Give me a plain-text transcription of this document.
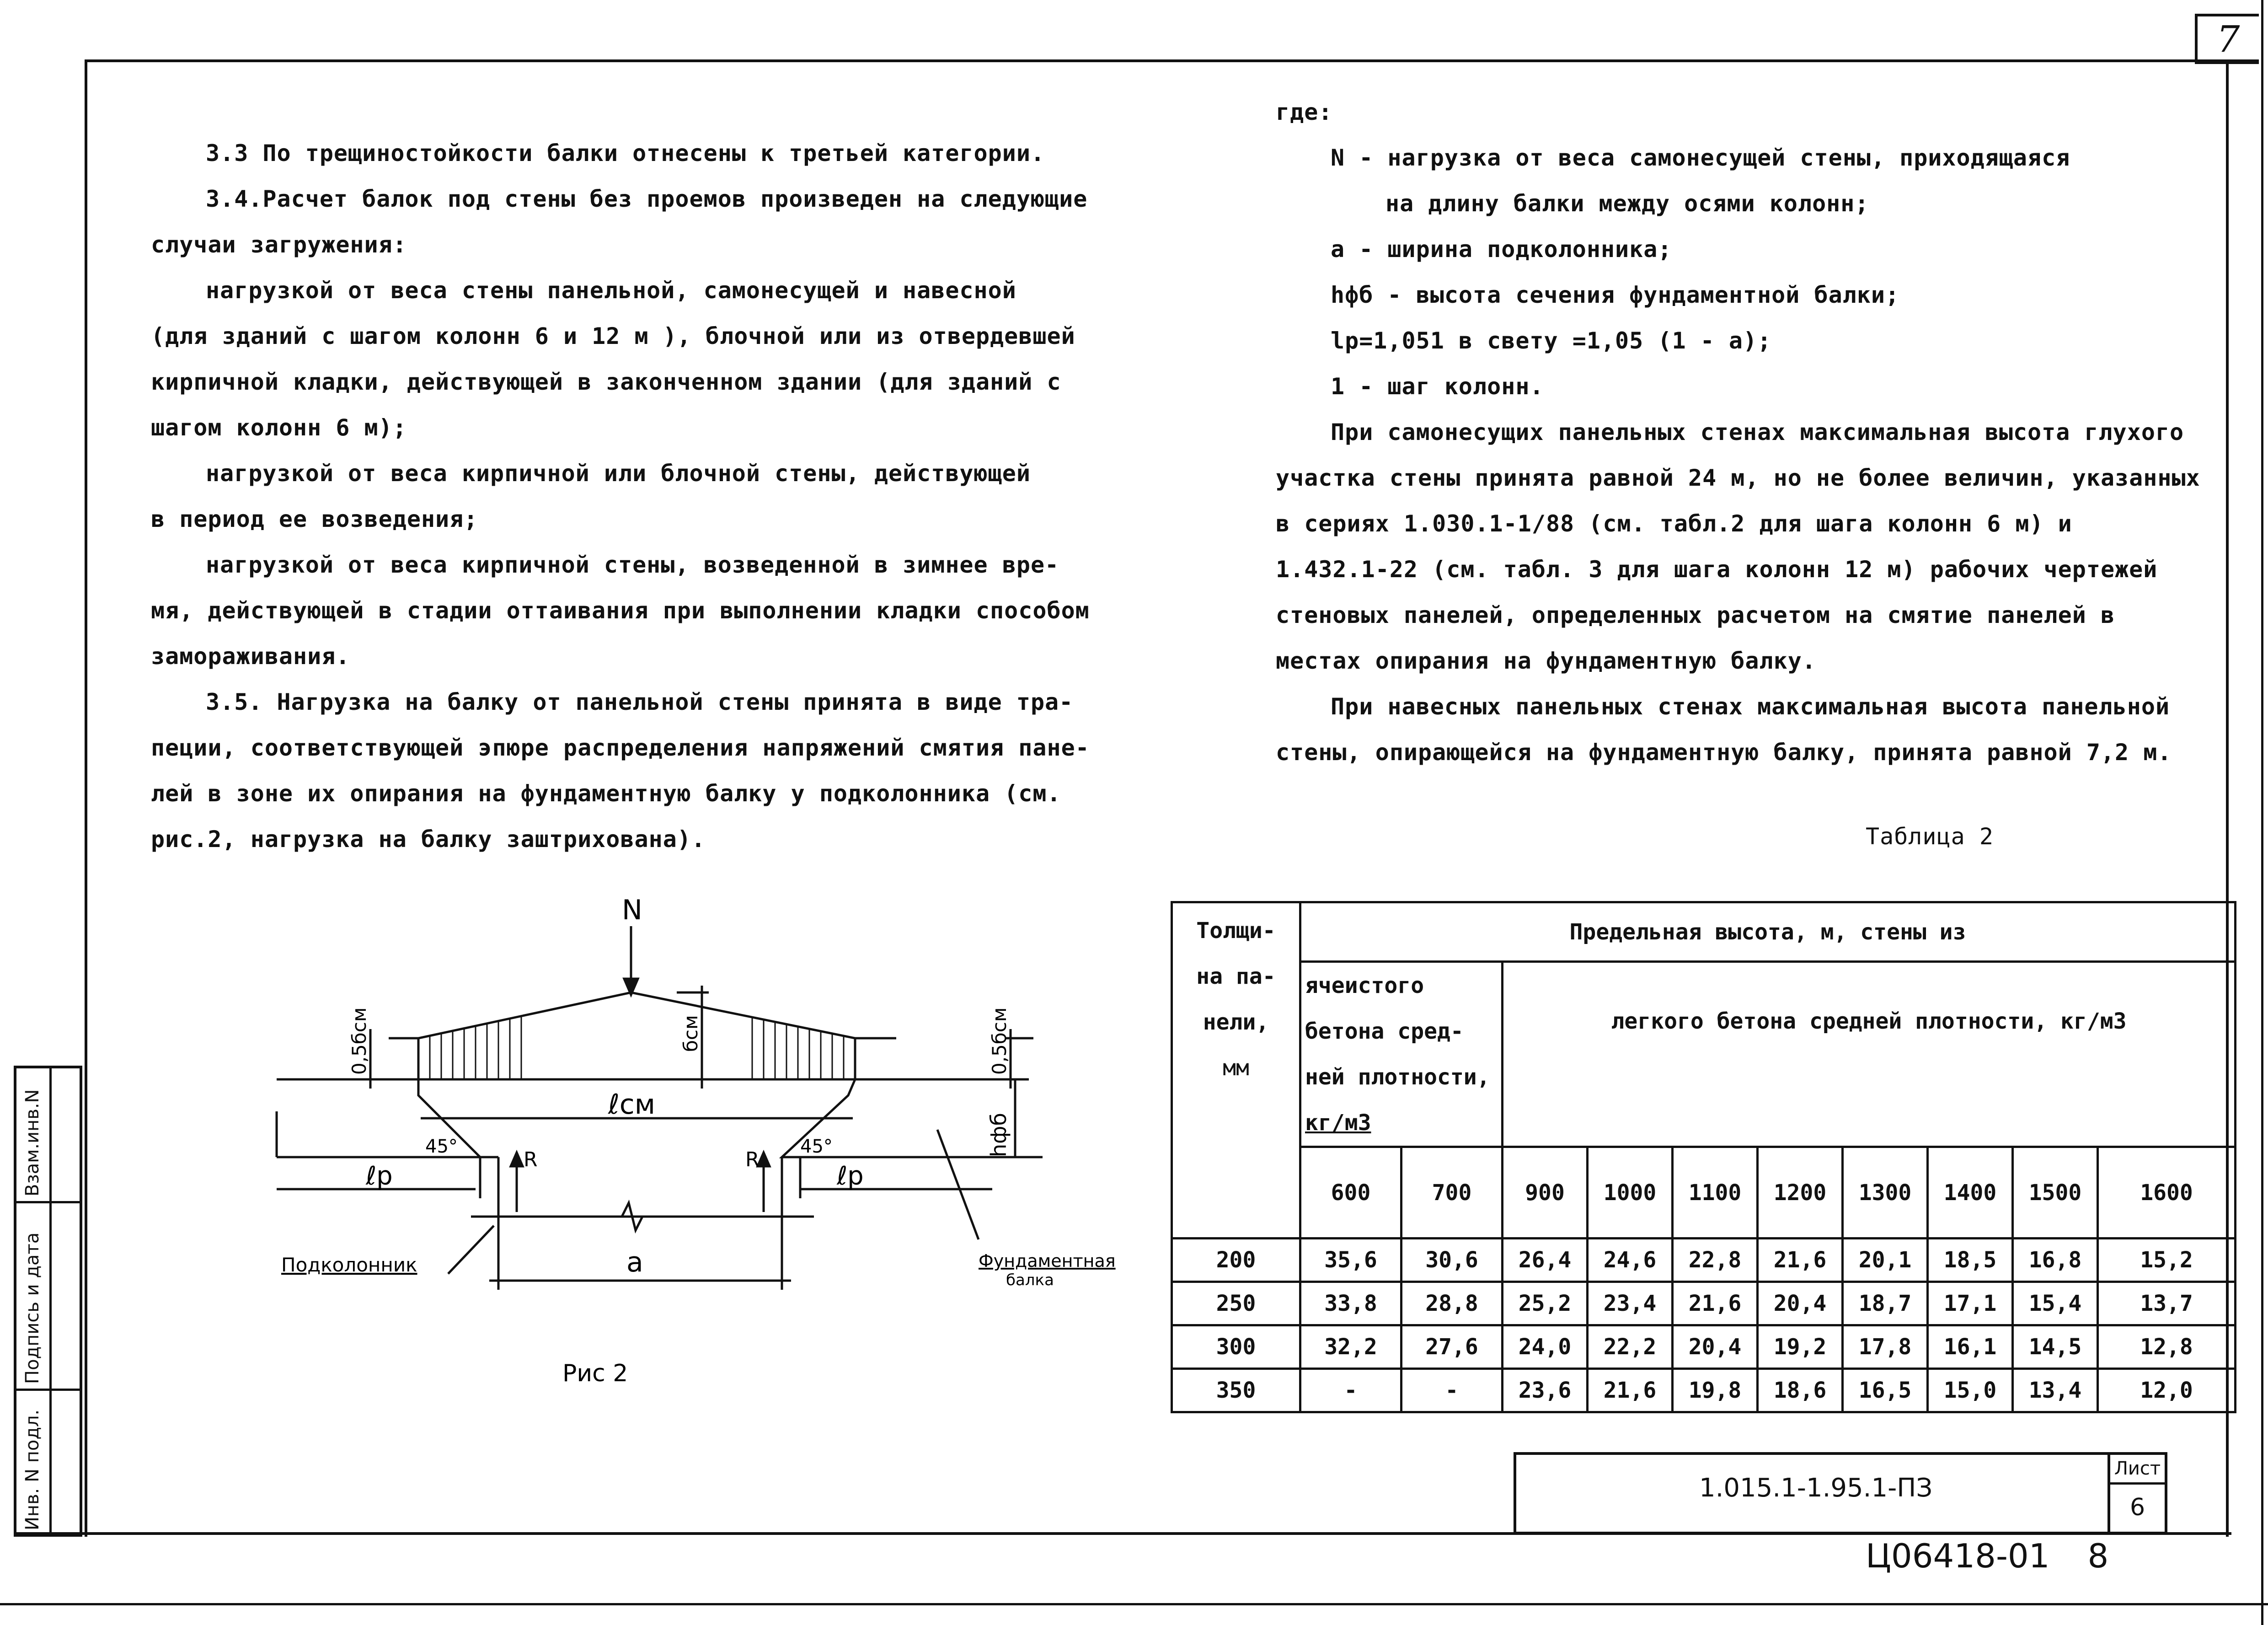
7

3.3 По трещиностойкости балки отнесены к третьей категории.

3.4.Расчет балок под стены без проемов произведен на следующие

случаи загружения:

нагрузкой от веса стены панельной, самонесущей и навесной

(для зданий с шагом колонн 6 и 12 м ), блочной или из отвердевшей

кирпичной кладки, действующей в законченном здании (для зданий с

шагом колонн 6 м);

нагрузкой от веса кирпичной или блочной стены, действующей

в период ее возведения;

нагрузкой от веса кирпичной стены, возведенной в зимнее вре-

мя, действующей в стадии оттаивания при выполнении кладки способом

замораживания.

3.5. Нагрузка на балку от панельной стены принята в виде тра-

пеции, соответствующей эпюре распределения напряжений смятия пане-

лей в зоне их опирания на фундаментную балку у подколонника (см.

рис.2, нагрузка на балку заштрихована).

где:

N - нагрузка от веса самонесущей стены, приходящаяся

на длину балки между осями колонн;

а - ширина подколонника;

hфб - высота сечения фундаментной балки;

lp=1,051 в свету =1,05 (1 - а);

1 - шаг колонн.

При самонесущих панельных стенах максимальная высота глухого

участка стены принята равной 24 м, но не более величин, указанных

в сериях 1.030.1-1/88 (см. табл.2 для шага колонн 6 м) и

1.432.1-22 (см. табл. 3 для шага колонн 12 м) рабочих чертежей

стеновых панелей, определенных расчетом на смятие панелей в

местах опирания на фундаментную балку.

При навесных панельных стенах максимальная высота панельной

стены, опирающейся на фундаментную балку, принята равной 7,2 м.

N
0,5бсм	бсм	0,5бсм
ℓсм
45°	45°
R	R
ℓр	ℓр
hфб
а
Подколонник	Фундаментная
балка
Рис 2
Таблица 2
Толщи-
на па-
нели,
мм	Предельная высота, м, стены из									

	ячеистого
бетона сред-
ней плотности,
кг/м3		легкого бетона средней плотности, кг/м3							
	600	700	900	1000	1100	1200	1300	1400	1500	1600
200	35,6	30,6	26,4	24,6	22,8	21,6	20,1	18,5	16,8	15,2
250	33,8	28,8	25,2	23,4	21,6	20,4	18,7	17,1	15,4	13,7
300	32,2	27,6	24,0	22,2	20,4	19,2	17,8	16,1	14,5	12,8
350	-	-	23,6	21,6	19,8	18,6	16,5	15,0	13,4	12,0
1.015.1-1.95.1-ПЗ
Лист
6
Ц06418-01 8
Взам.инв.N
Подпись и дата
Инв. N подл.
